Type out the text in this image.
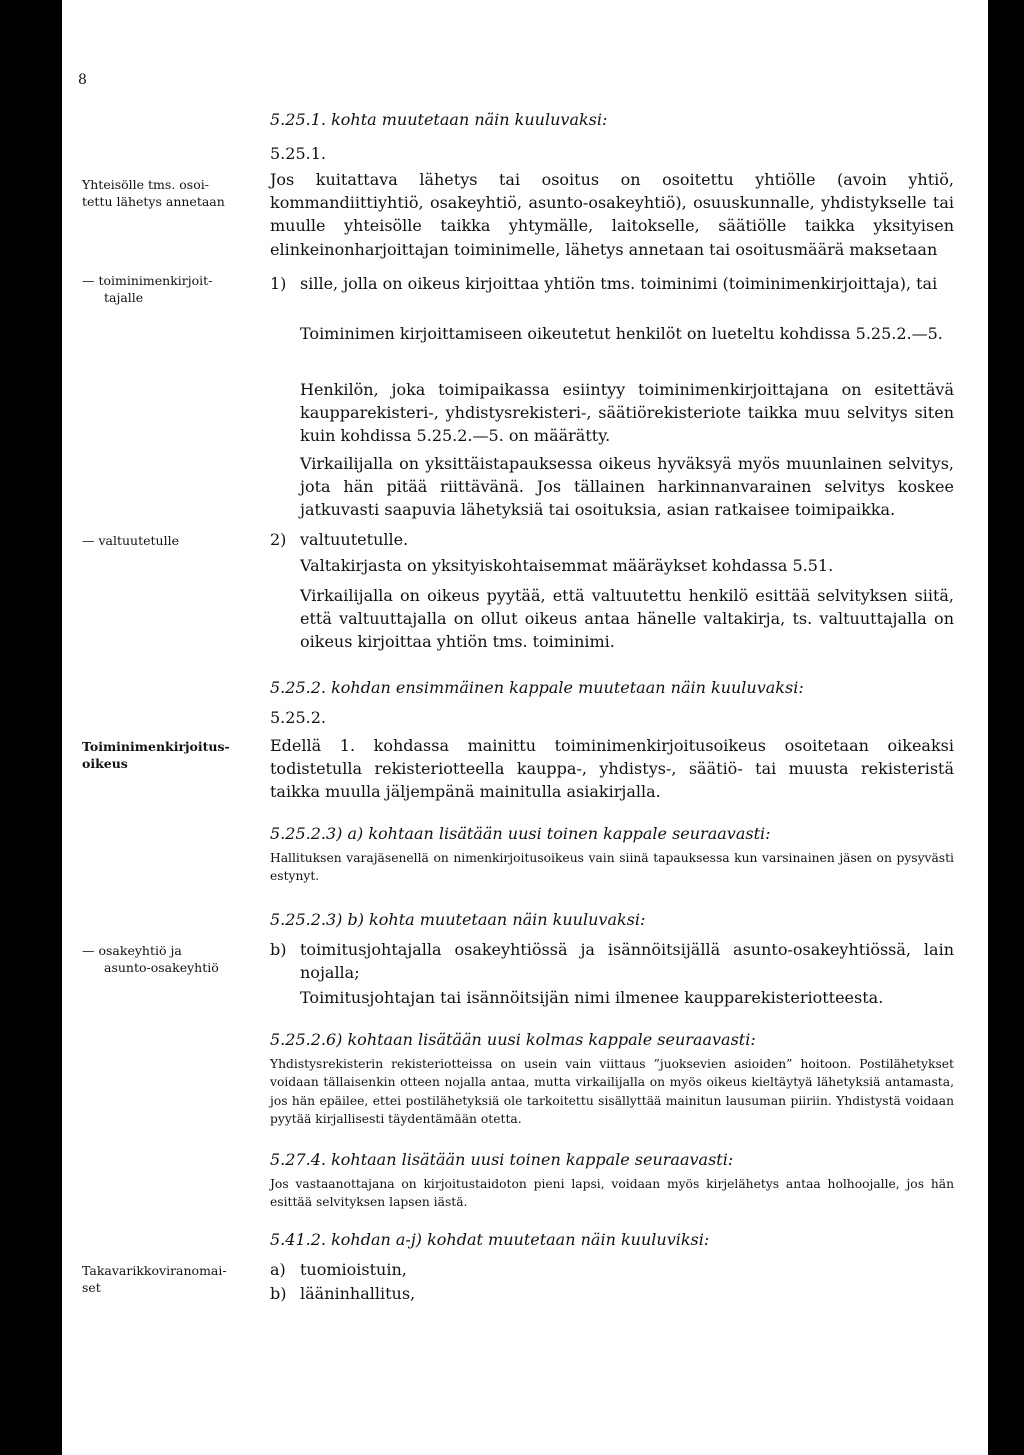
8
Yhteisölle tms. osoi-
tettu lähetys annetaan
— toiminimenkirjoit-
tajalle
— valtuutetulle
Toiminimenkirjoitus-
oikeus
— osakeyhtiö ja
asunto-osakeyhtiö
Takavarikkoviranomai-
set
5.25.1. kohta muutetaan näin kuuluvaksi:
5.25.1.
Jos kuitattava lähetys tai osoitus on osoitettu yhtiölle (avoin yhtiö, kommandiittiyhtiö, osakeyhtiö, asunto-osakeyhtiö), osuuskunnalle, yhdistykselle tai muulle yhteisölle taikka yhtymälle, laitokselle, säätiölle taikka yksityisen elinkeinonharjoittajan toiminimelle, lähetys annetaan tai osoitusmäärä maksetaan
1) sille, jolla on oikeus kirjoittaa yhtiön tms. toiminimi (toiminimenkirjoittaja), tai
Toiminimen kirjoittamiseen oikeutetut henkilöt on lueteltu kohdissa 5.25.2.—5.
Henkilön, joka toimipaikassa esiintyy toiminimenkirjoittajana on esitettävä kaupparekisteri-, yhdistysrekisteri-, säätiörekisteriote taikka muu selvitys siten kuin kohdissa 5.25.2.—5. on määrätty.
Virkailijalla on yksittäistapauksessa oikeus hyväksyä myös muunlainen selvitys, jota hän pitää riittävänä. Jos tällainen harkinnanvarainen selvitys koskee jatkuvasti saapuvia lähetyksiä tai osoituksia, asian ratkaisee toimipaikka.
2) valtuutetulle.
Valtakirjasta on yksityiskohtaisemmat määräykset kohdassa 5.51.
Virkailijalla on oikeus pyytää, että valtuutettu henkilö esittää selvityksen siitä, että valtuuttajalla on ollut oikeus antaa hänelle valtakirja, ts. valtuuttajalla on oikeus kirjoittaa yhtiön tms. toiminimi.
5.25.2. kohdan ensimmäinen kappale muutetaan näin kuuluvaksi:
5.25.2.
Edellä 1. kohdassa mainittu toiminimenkirjoitusoikeus osoitetaan oikeaksi todistetulla rekisteriotteella kauppa-, yhdistys-, säätiö- tai muusta rekisteristä taikka muulla jäljempänä mainitulla asiakirjalla.
5.25.2.3) a) kohtaan lisätään uusi toinen kappale seuraavasti:
Hallituksen varajäsenellä on nimenkirjoitusoikeus vain siinä tapauksessa kun varsinainen jäsen on pysyvästi estynyt.
5.25.2.3) b) kohta muutetaan näin kuuluvaksi:
b) toimitusjohtajalla osakeyhtiössä ja isännöitsijällä asunto-osakeyhtiössä, lain nojalla;
Toimitusjohtajan tai isännöitsijän nimi ilmenee kaupparekisteriotteesta.
5.25.2.6) kohtaan lisätään uusi kolmas kappale seuraavasti:
Yhdistysrekisterin rekisteriotteissa on usein vain viittaus ”juoksevien asioiden” hoitoon. Postilähetykset voidaan tällaisenkin otteen nojalla antaa, mutta virkailijalla on myös oikeus kieltäytyä lähetyksiä antamasta, jos hän epäilee, ettei postilähetyksiä ole tarkoitettu sisällyttää mainitun lausuman piiriin. Yhdistystä voidaan pyytää kirjallisesti täydentämään otetta.
5.27.4. kohtaan lisätään uusi toinen kappale seuraavasti:
Jos vastaanottajana on kirjoitustaidoton pieni lapsi, voidaan myös kirjelähetys antaa holhoojalle, jos hän esittää selvityksen lapsen iästä.
5.41.2. kohdan a-j) kohdat muutetaan näin kuuluviksi:
a) tuomioistuin,
b) lääninhallitus,
